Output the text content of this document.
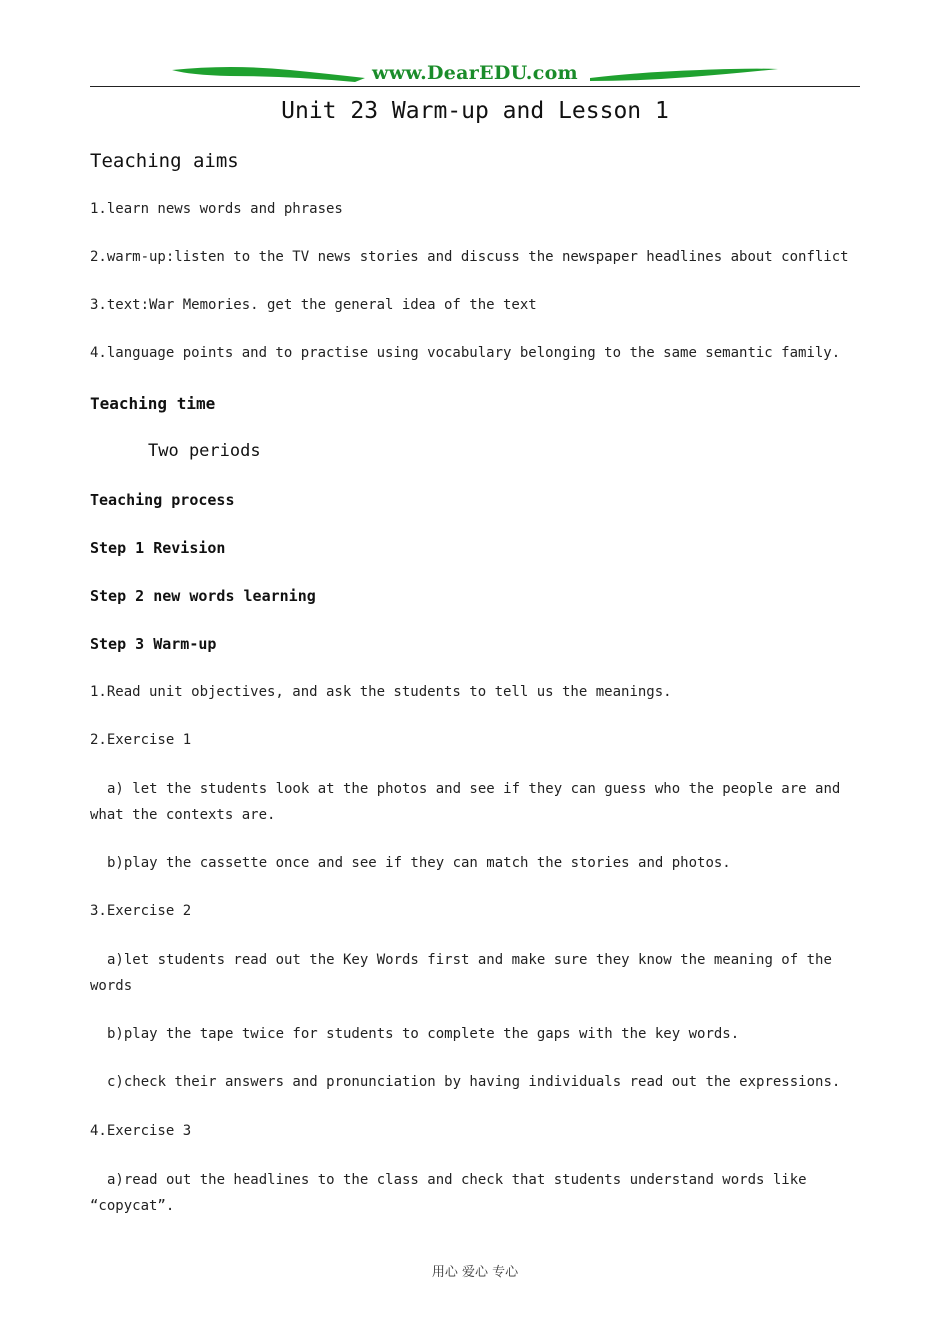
www.DearEDU.com
Unit 23 Warm-up and Lesson 1

Teaching aims

1.learn news words and phrases

2.warm-up:listen to the TV news stories and discuss the newspaper headlines about conflict

3.text:War Memories. get the general idea of the text

4.language points and to practise using vocabulary belonging to the same semantic family.

Teaching time

Two periods

Teaching process

Step 1 Revision

Step 2 new words learning

Step 3 Warm-up

1.Read unit objectives, and ask the students to tell us the meanings.

2.Exercise 1

a) let the students look at the photos and see if they can guess who the people are and what the contexts are.

b)play the cassette once and see if they can match the stories and photos.

3.Exercise 2

a)let students read out the Key Words first and make sure they know the meaning of the words

b)play the tape twice for students to complete the gaps with the key words.

c)check their answers and pronunciation by having individuals read out the expressions.

4.Exercise 3

a)read out the headlines to the class and check that students understand words like “copycat”.

用心 爱心 专心
